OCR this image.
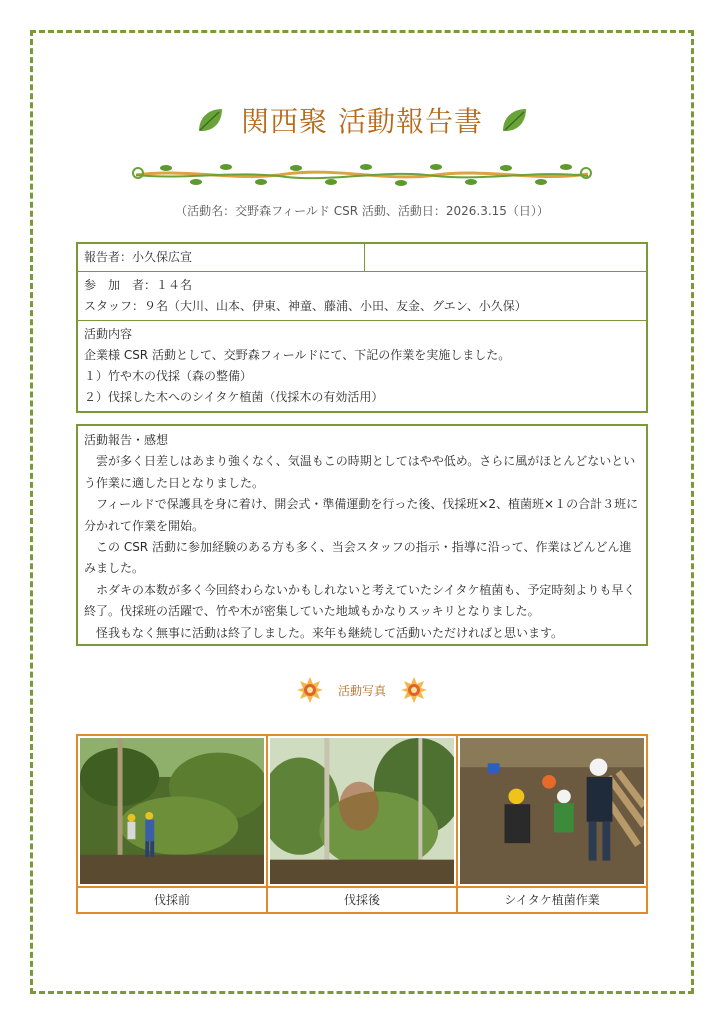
関西聚 活動報告書
（活動名：交野森フィールド CSR 活動、活動日：2026.3.15（日））
報告者：小久保広宣
参　加　者：１４名
スタッフ：９名（大川、山本、伊東、神童、藤浦、小田、友金、グエン、小久保）
活動内容
企業様 CSR 活動として、交野森フィールドにて、下記の作業を実施しました。
１）竹や木の伐採（森の整備）
２）伐採した木へのシイタケ植菌（伐採木の有効活用）

活動報告・感想

雲が多く日差しはあまり強くなく、気温もこの時期としてはやや低め。さらに風がほとんどないという作業に適した日となりました。

フィールドで保護具を身に着け、開会式・準備運動を行った後、伐採班×2、植菌班×１の合計３班に分かれて作業を開始。

この CSR 活動に参加経験のある方も多く、当会スタッフの指示・指導に沿って、作業はどんどん進みました。

ホダキの本数が多く今回終わらないかもしれないと考えていたシイタケ植菌も、予定時刻よりも早く終了。伐採班の活躍で、竹や木が密集していた地域もかなりスッキリとなりました。

怪我もなく無事に活動は終了しました。来年も継続して活動いただければと思います。

活動写真
伐採前	伐採後	シイタケ植菌作業
